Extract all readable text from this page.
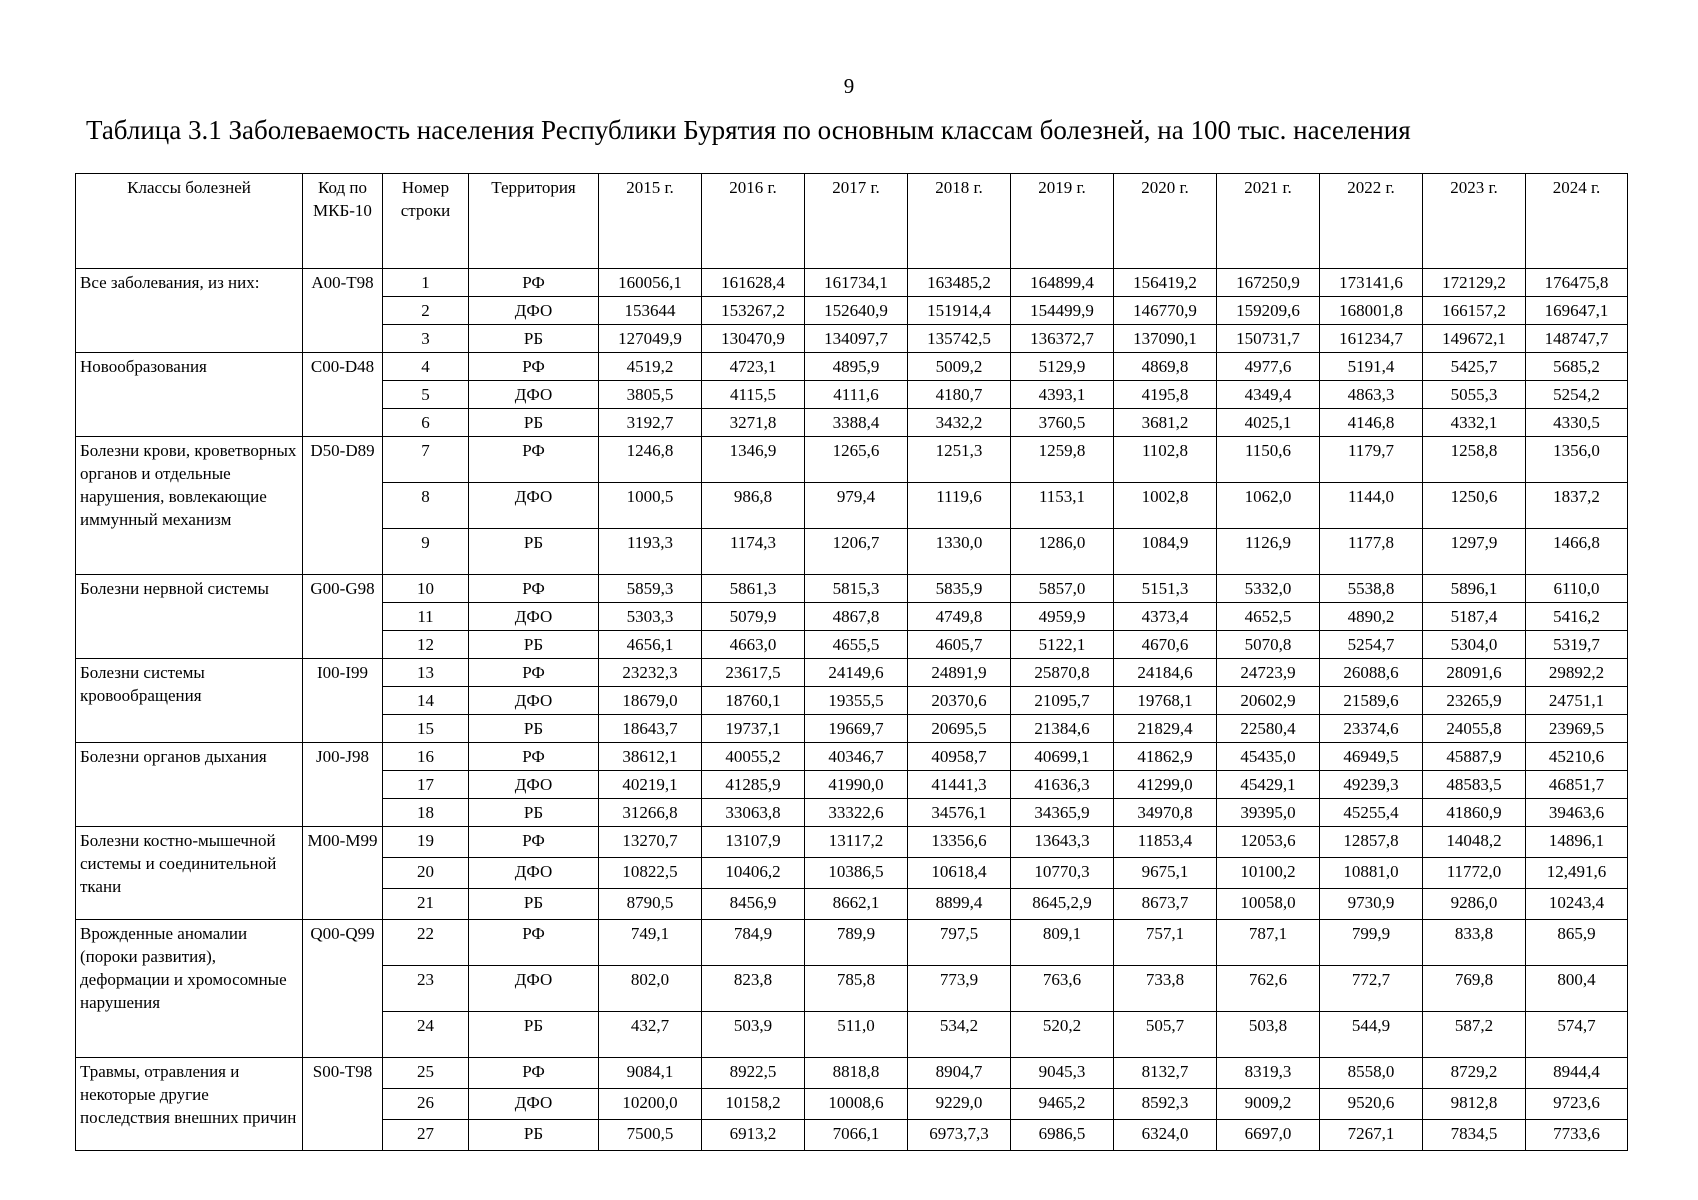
9
Таблица 3.1 Заболеваемость населения Республики Бурятия по основным классам болезней, на 100 тыс. населения
Классы болезней	Код по МКБ-10	Номер строки	Территория	2015 г.	2016 г.	2017 г.	2018 г.	2019 г.	2020 г.	2021 г.	2022 г.	2023 г.	2024 г.
Все заболевания, из них:	A00-T98	1	РФ	160056,1	161628,4	161734,1	163485,2	164899,4	156419,2	167250,9	173141,6	172129,2	176475,8
		2	ДФО	153644	153267,2	152640,9	151914,4	154499,9	146770,9	159209,6	168001,8	166157,2	169647,1
		3	РБ	127049,9	130470,9	134097,7	135742,5	136372,7	137090,1	150731,7	161234,7	149672,1	148747,7
Новообразования	C00-D48	4	РФ	4519,2	4723,1	4895,9	5009,2	5129,9	4869,8	4977,6	5191,4	5425,7	5685,2
		5	ДФО	3805,5	4115,5	4111,6	4180,7	4393,1	4195,8	4349,4	4863,3	5055,3	5254,2
		6	РБ	3192,7	3271,8	3388,4	3432,2	3760,5	3681,2	4025,1	4146,8	4332,1	4330,5
Болезни крови, кроветворных органов и отдельные нарушения, вовлекающие иммунный механизм	D50-D89	7	РФ	1246,8	1346,9	1265,6	1251,3	1259,8	1102,8	1150,6	1179,7	1258,8	1356,0
		8	ДФО	1000,5	986,8	979,4	1119,6	1153,1	1002,8	1062,0	1144,0	1250,6	1837,2
		9	РБ	1193,3	1174,3	1206,7	1330,0	1286,0	1084,9	1126,9	1177,8	1297,9	1466,8
Болезни нервной системы	G00-G98	10	РФ	5859,3	5861,3	5815,3	5835,9	5857,0	5151,3	5332,0	5538,8	5896,1	6110,0
		11	ДФО	5303,3	5079,9	4867,8	4749,8	4959,9	4373,4	4652,5	4890,2	5187,4	5416,2
		12	РБ	4656,1	4663,0	4655,5	4605,7	5122,1	4670,6	5070,8	5254,7	5304,0	5319,7
Болезни системы кровообращения	I00-I99	13	РФ	23232,3	23617,5	24149,6	24891,9	25870,8	24184,6	24723,9	26088,6	28091,6	29892,2
		14	ДФО	18679,0	18760,1	19355,5	20370,6	21095,7	19768,1	20602,9	21589,6	23265,9	24751,1
		15	РБ	18643,7	19737,1	19669,7	20695,5	21384,6	21829,4	22580,4	23374,6	24055,8	23969,5
Болезни органов дыхания	J00-J98	16	РФ	38612,1	40055,2	40346,7	40958,7	40699,1	41862,9	45435,0	46949,5	45887,9	45210,6
		17	ДФО	40219,1	41285,9	41990,0	41441,3	41636,3	41299,0	45429,1	49239,3	48583,5	46851,7
		18	РБ	31266,8	33063,8	33322,6	34576,1	34365,9	34970,8	39395,0	45255,4	41860,9	39463,6
Болезни костно-мышечной системы и соединительной ткани	M00-M99	19	РФ	13270,7	13107,9	13117,2	13356,6	13643,3	11853,4	12053,6	12857,8	14048,2	14896,1
		20	ДФО	10822,5	10406,2	10386,5	10618,4	10770,3	9675,1	10100,2	10881,0	11772,0	12,491,6
		21	РБ	8790,5	8456,9	8662,1	8899,4	8645,2,9	8673,7	10058,0	9730,9	9286,0	10243,4
Врожденные аномалии (пороки развития), деформации и хромосомные нарушения	Q00-Q99	22	РФ	749,1	784,9	789,9	797,5	809,1	757,1	787,1	799,9	833,8	865,9
		23	ДФО	802,0	823,8	785,8	773,9	763,6	733,8	762,6	772,7	769,8	800,4
		24	РБ	432,7	503,9	511,0	534,2	520,2	505,7	503,8	544,9	587,2	574,7
Травмы, отравления и некоторые другие последствия внешних причин	S00-T98	25	РФ	9084,1	8922,5	8818,8	8904,7	9045,3	8132,7	8319,3	8558,0	8729,2	8944,4
		26	ДФО	10200,0	10158,2	10008,6	9229,0	9465,2	8592,3	9009,2	9520,6	9812,8	9723,6
		27	РБ	7500,5	6913,2	7066,1	6973,7,3	6986,5	6324,0	6697,0	7267,1	7834,5	7733,6
